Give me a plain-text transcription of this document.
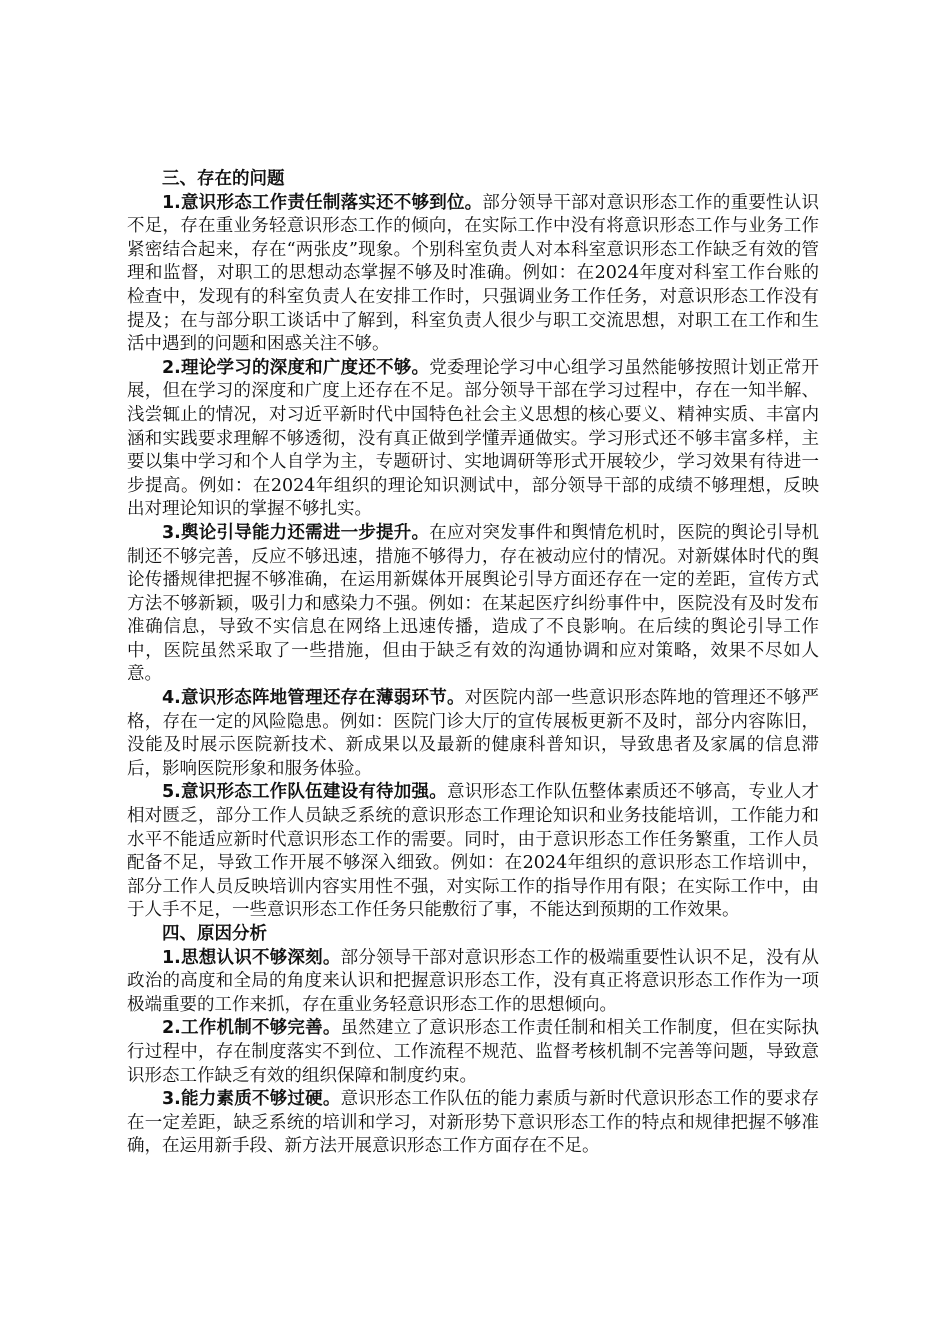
三、存在的问题

1.意识形态工作责任制落实还不够到位。部分领导干部对意识形态工作的重要性认识不足，存在重业务轻意识形态工作的倾向，在实际工作中没有将意识形态工作与业务工作紧密结合起来，存在“两张皮”现象。个别科室负责人对本科室意识形态工作缺乏有效的管理和监督，对职工的思想动态掌握不够及时准确。例如：在2024年度对科室工作台账的检查中，发现有的科室负责人在安排工作时，只强调业务工作任务，对意识形态工作没有提及；在与部分职工谈话中了解到，科室负责人很少与职工交流思想，对职工在工作和生活中遇到的问题和困惑关注不够。

2.理论学习的深度和广度还不够。党委理论学习中心组学习虽然能够按照计划正常开展，但在学习的深度和广度上还存在不足。部分领导干部在学习过程中，存在一知半解、浅尝辄止的情况，对习近平新时代中国特色社会主义思想的核心要义、精神实质、丰富内涵和实践要求理解不够透彻，没有真正做到学懂弄通做实。学习形式还不够丰富多样，主要以集中学习和个人自学为主，专题研讨、实地调研等形式开展较少，学习效果有待进一步提高。例如：在2024年组织的理论知识测试中，部分领导干部的成绩不够理想，反映出对理论知识的掌握不够扎实。

3.舆论引导能力还需进一步提升。在应对突发事件和舆情危机时，医院的舆论引导机制还不够完善，反应不够迅速，措施不够得力，存在被动应付的情况。对新媒体时代的舆论传播规律把握不够准确，在运用新媒体开展舆论引导方面还存在一定的差距，宣传方式方法不够新颖，吸引力和感染力不强。例如：在某起医疗纠纷事件中，医院没有及时发布准确信息，导致不实信息在网络上迅速传播，造成了不良影响。在后续的舆论引导工作中，医院虽然采取了一些措施，但由于缺乏有效的沟通协调和应对策略，效果不尽如人意。

4.意识形态阵地管理还存在薄弱环节。对医院内部一些意识形态阵地的管理还不够严格，存在一定的风险隐患。例如：医院门诊大厅的宣传展板更新不及时，部分内容陈旧，没能及时展示医院新技术、新成果以及最新的健康科普知识，导致患者及家属的信息滞后，影响医院形象和服务体验。

5.意识形态工作队伍建设有待加强。意识形态工作队伍整体素质还不够高，专业人才相对匮乏，部分工作人员缺乏系统的意识形态工作理论知识和业务技能培训，工作能力和水平不能适应新时代意识形态工作的需要。同时，由于意识形态工作任务繁重，工作人员配备不足，导致工作开展不够深入细致。例如：在2024年组织的意识形态工作培训中，部分工作人员反映培训内容实用性不强，对实际工作的指导作用有限；在实际工作中，由于人手不足，一些意识形态工作任务只能敷衍了事，不能达到预期的工作效果。

四、原因分析

1.思想认识不够深刻。部分领导干部对意识形态工作的极端重要性认识不足，没有从政治的高度和全局的角度来认识和把握意识形态工作，没有真正将意识形态工作作为一项极端重要的工作来抓，存在重业务轻意识形态工作的思想倾向。

2.工作机制不够完善。虽然建立了意识形态工作责任制和相关工作制度，但在实际执行过程中，存在制度落实不到位、工作流程不规范、监督考核机制不完善等问题，导致意识形态工作缺乏有效的组织保障和制度约束。

3.能力素质不够过硬。意识形态工作队伍的能力素质与新时代意识形态工作的要求存在一定差距，缺乏系统的培训和学习，对新形势下意识形态工作的特点和规律把握不够准确，在运用新手段、新方法开展意识形态工作方面存在不足。
